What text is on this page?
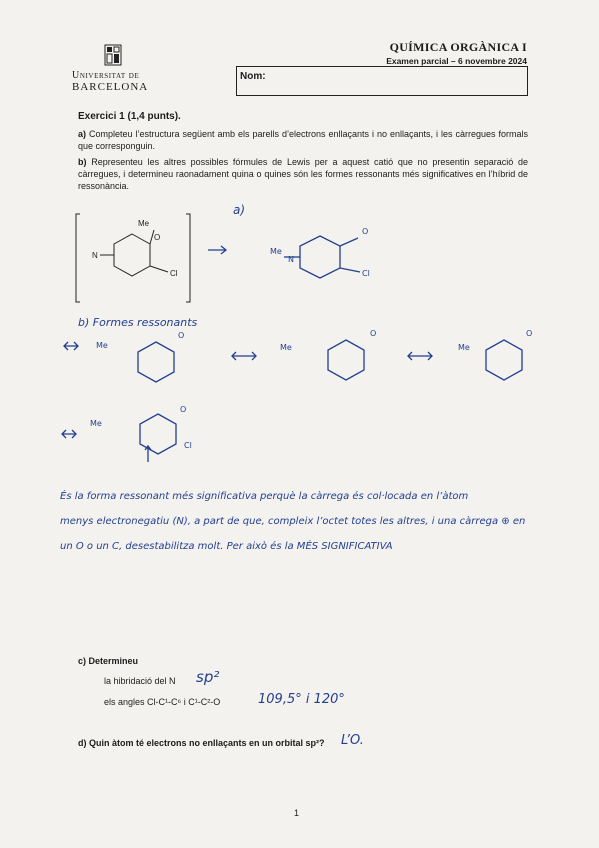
Universitat de
BARCELONA
QUÍMICA ORGÀNICA I
Examen parcial – 6 novembre 2024
Nom:
Exercici 1 (1,4 punts).
a) Completeu l’estructura següent amb els parells d’electrons enllaçants i no enllaçants, i les càrregues formals que corresponguin.
b) Representeu les altres possibles fórmules de Lewis per a aquest catió que no presentin separació de càrregues, i determineu raonadament quina o quines són les formes ressonants més significatives en l’híbrid de ressonància.
Me
O
N
Cl
a)
Me
N
O
Cl
b) Formes ressonants
Me
O
Me
O
Me
O
Me
O
Cl
És la forma ressonant més significativa perquè la càrrega és col·locada en l’àtom
menys electronegatiu (N), a part de que, compleix l’octet totes les altres, i una càrrega ⊕ en
un O o un C, desestabilitza molt. Per això és la MÉS SIGNIFICATIVA
c) Determineu
la hibridació del N
els angles Cl-C¹-C⁶ i C¹-C²-O
sp²
109,5° i 120°
d) Quin àtom té electrons no enllaçants en un orbital sp²? L’O.
1
